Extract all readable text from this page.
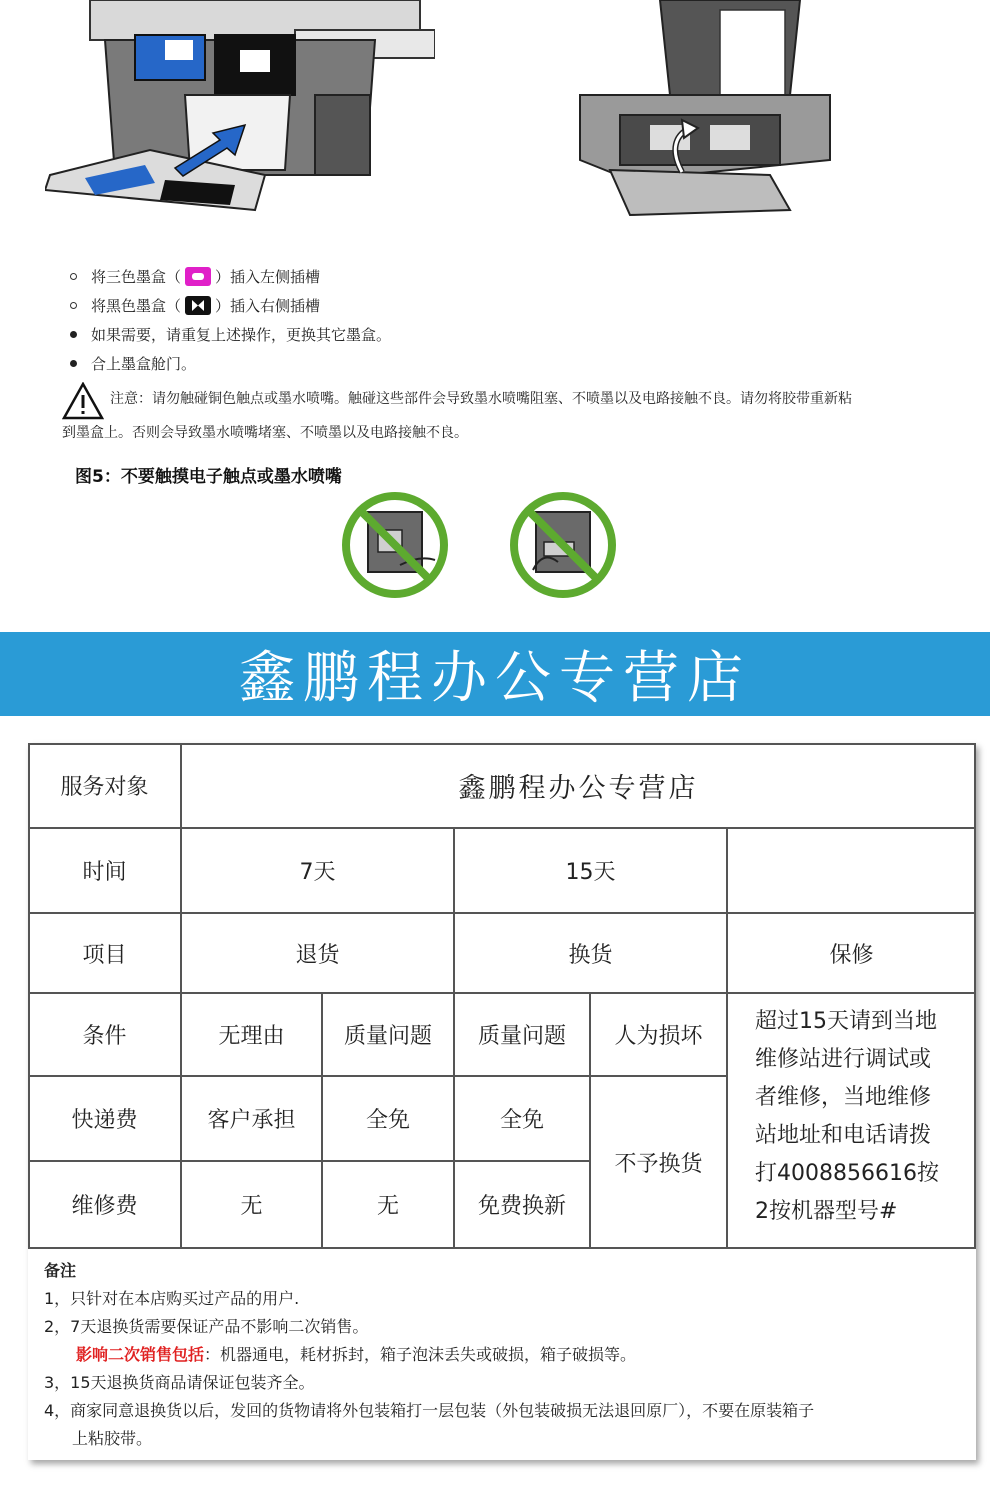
将三色墨盒（ ）插入左侧插槽
将黑色墨盒（ ）插入右侧插槽
如果需要，请重复上述操作，更换其它墨盒。
合上墨盒舱门。
注意：请勿触碰铜色触点或墨水喷嘴。触碰这些部件会导致墨水喷嘴阻塞、不喷墨以及电路接触不良。请勿将胶带重新粘
到墨盒上。否则会导致墨水喷嘴堵塞、不喷墨以及电路接触不良。
图5：不要触摸电子触点或墨水喷嘴
鑫鹏程办公专营店
服务对象	鑫鹏程办公专营店
时间	7天	15天
项目	退货	换货	保修
条件	无理由	质量问题	质量问题	人为损坏
快递费	客户承担	全免	全免
不予换货
维修费	无	无	免费换新
超过15天请到当地
维修站进行调试或
者维修，当地维修
站地址和电话请拨
打4008856616按
2按机器型号#
备注
1，只针对在本店购买过产品的用户.
2，7天退换货需要保证产品不影响二次销售。
影响二次销售包括：机器通电，耗材拆封，箱子泡沫丢失或破损，箱子破损等。
3，15天退换货商品请保证包装齐全。
4，商家同意退换货以后，发回的货物请将外包装箱打一层包装（外包装破损无法退回原厂），不要在原装箱子
上粘胶带。
